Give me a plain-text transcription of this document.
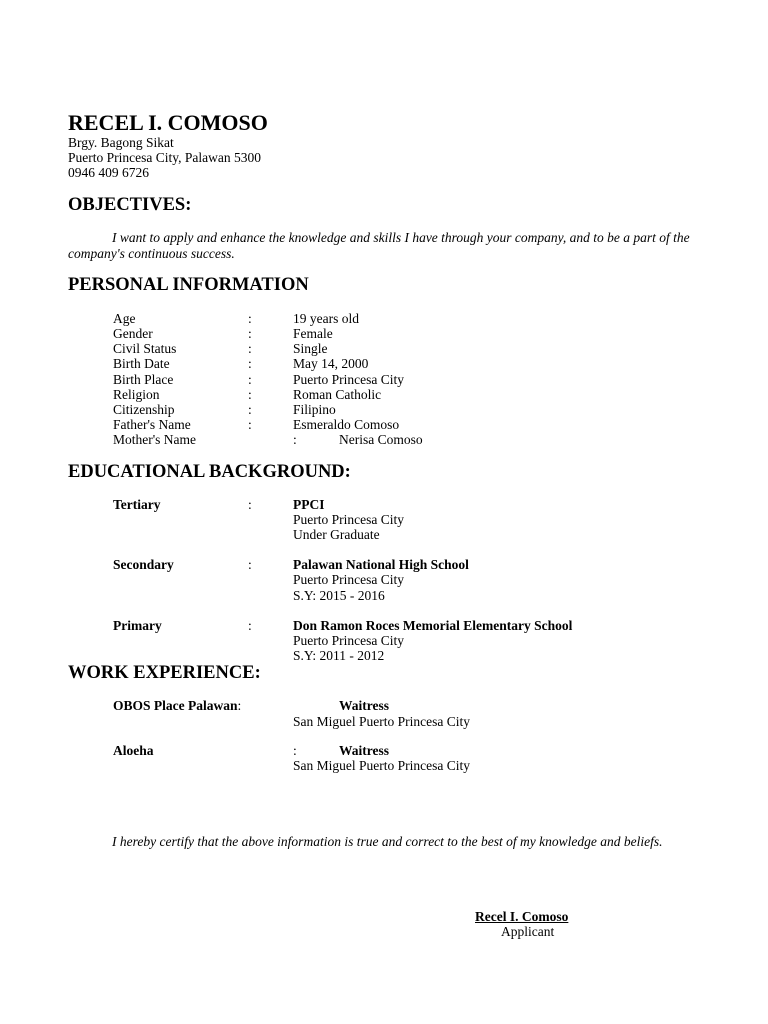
RECEL I. COMOSO
Brgy. Bagong Sikat
Puerto Princesa City, Palawan 5300
0946 409 6726
OBJECTIVES:
I want to apply and enhance the knowledge and skills I have through your company, and to be a part of the company's continuous success.
PERSONAL INFORMATION
Age	:	19 years old
Gender	:	Female
Civil Status	:	Single
Birth Date	:	May 14, 2000
Birth Place	:	Puerto Princesa City
Religion	:	Roman Catholic
Citizenship	:	Filipino
Father's Name	:	Esmeraldo Comoso
Mother's Name	:	Nerisa Comoso
EDUCATIONAL BACKGROUND:
Tertiary	:	PPCI
Puerto Princesa City
Under Graduate
Secondary	:	Palawan National High School
Puerto Princesa City
S.Y: 2015 - 2016
Primary	:	Don Ramon Roces Memorial Elementary School
Puerto Princesa City
S.Y: 2011 - 2012
WORK EXPERIENCE:
OBOS Place Palawan:	Waitress
San Miguel Puerto Princesa City
Aloeha	:	Waitress
San Miguel Puerto Princesa City
I hereby certify that the above information is true and correct to the best of my knowledge and beliefs.
Recel I. Comoso
Applicant
